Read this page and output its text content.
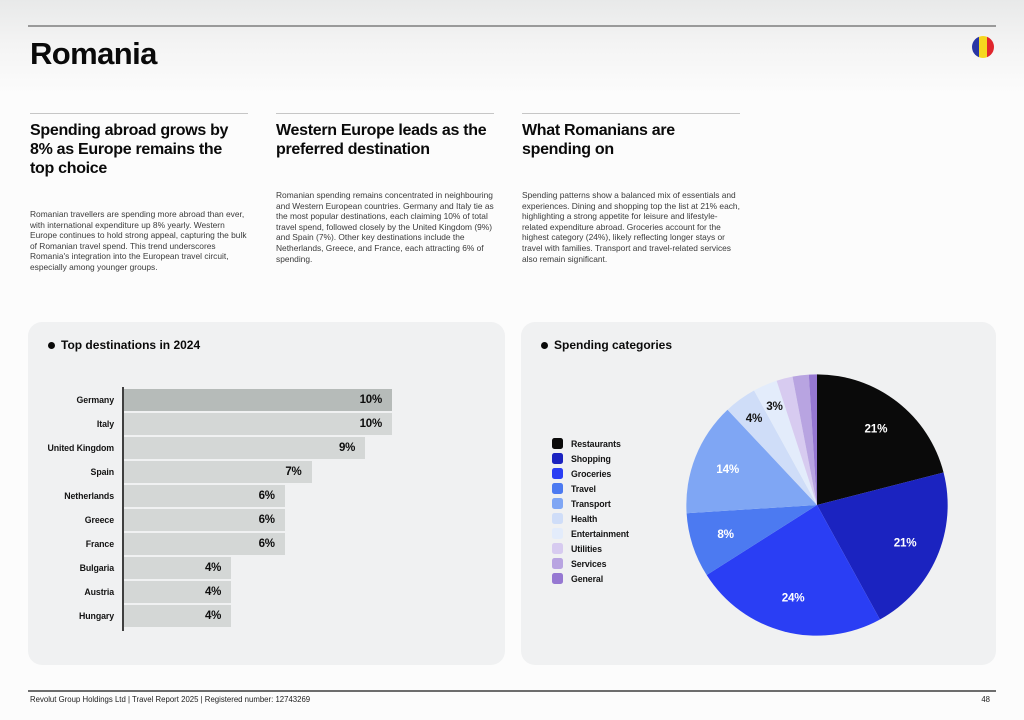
Romania
Spending abroad grows by 8% as Europe remains the top choice

Romanian travellers are spending more abroad than ever, with international expenditure up 8% yearly. Western Europe continues to hold strong appeal, capturing the bulk of Romanian travel spend. This trend underscores Romania's integration into the European travel circuit, especially among younger groups.

Western Europe leads as the preferred destination

Romanian spending remains concentrated in neighbouring and Western European countries. Germany and Italy tie as the most popular destinations, each claiming 10% of total travel spend, followed closely by the United Kingdom (9%) and Spain (7%). Other key destinations include the Netherlands, Greece, and France, each attracting 6% of spending.

What Romanians are spending on

Spending patterns show a balanced mix of essentials and experiences. Dining and shopping top the list at 21% each, highlighting a strong appetite for leisure and lifestyle-related expenditure abroad. Groceries account for the highest category (24%), likely reflecting longer stays or travel with families. Transport and travel-related services also remain significant.

Top destinations in 2024
Germany	10%
Italy	10%
United Kingdom	9%
Spain	7%
Netherlands	6%
Greece	6%
France	6%
Bulgaria	4%
Austria	4%
Hungary	4%
Spending categories
Restaurants
Shopping
Groceries
Travel
Transport
Health
Entertainment
Utilities
Services
General
21%
21%
24%
8%
14%
4%
3%
Revolut Group Holdings Ltd | Travel Report 2025 | Registered number: 12743269	48
